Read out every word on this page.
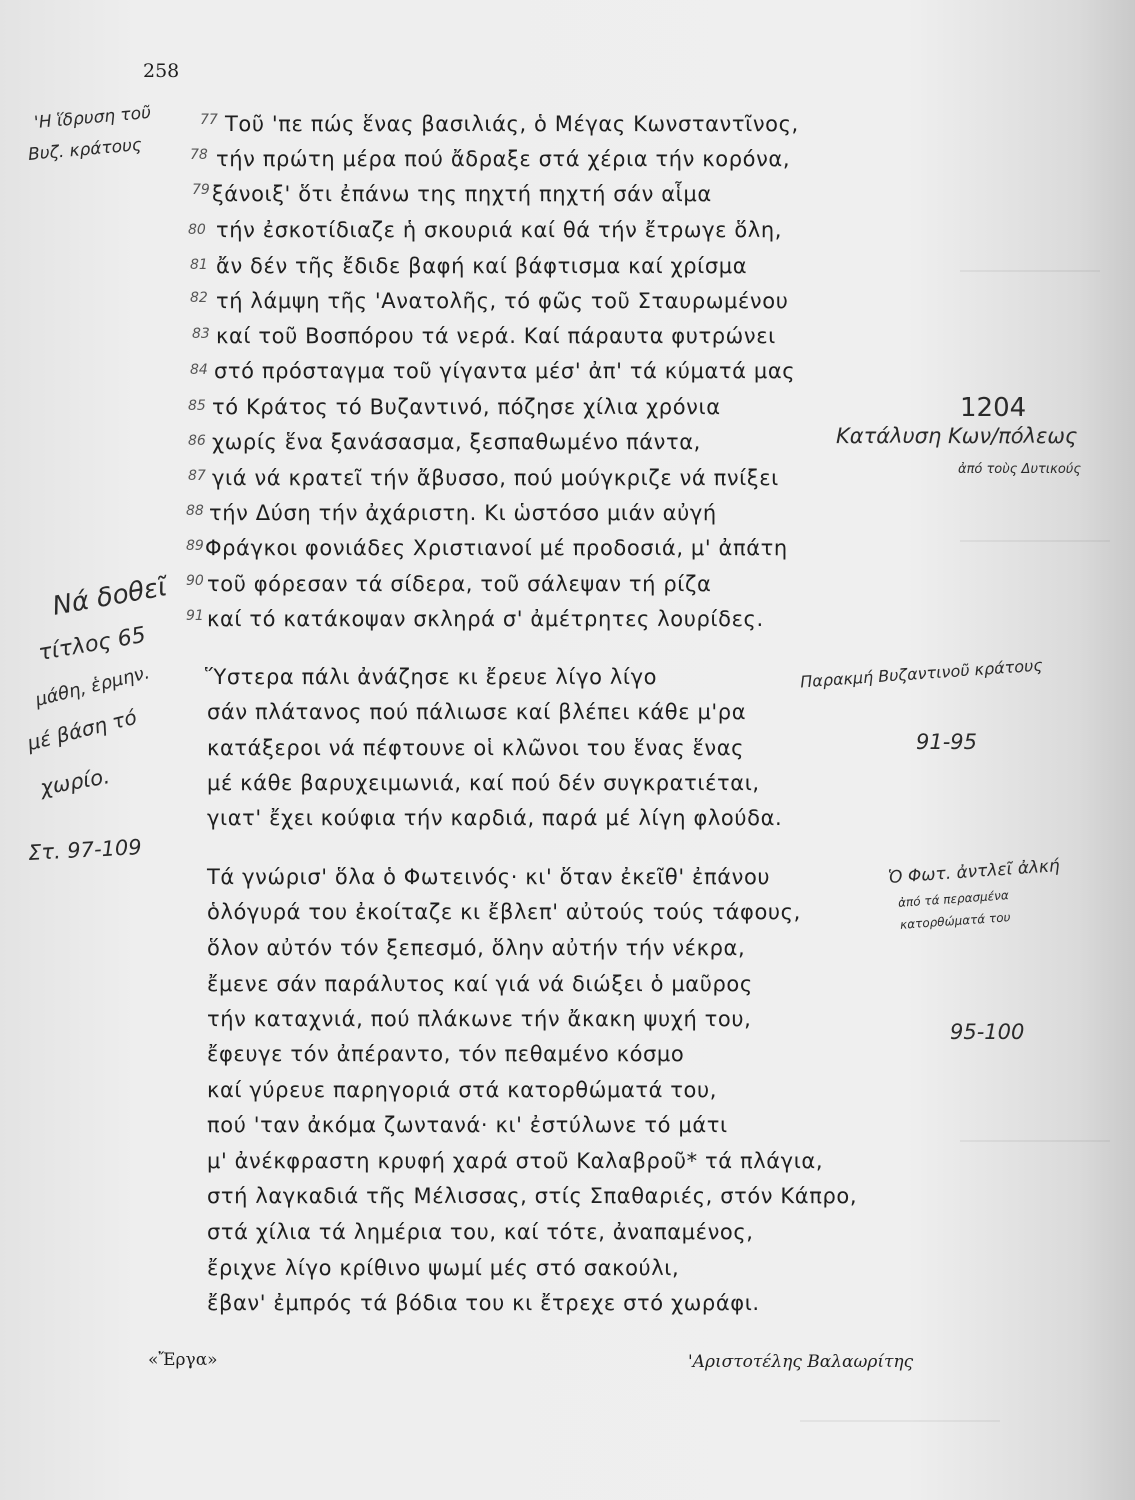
258
Τοῦ 'πε πώς ἕνας βασιλιάς, ὁ Μέγας Κωνσταντῖνος,
τήν πρώτη μέρα πού ἄδραξε στά χέρια τήν κορόνα,
ξάνοιξ' ὅτι ἐπάνω της πηχτή πηχτή σάν αἷμα
τήν ἐσκοτίδιαζε ἡ σκουριά καί θά τήν ἔτρωγε ὅλη,
ἄν δέν τῆς ἔδιδε βαφή καί βάφτισμα καί χρίσμα
τή λάμψη τῆς 'Ανατολῆς, τό φῶς τοῦ Σταυρωμένου
καί τοῦ Βοσπόρου τά νερά. Καί πάραυτα φυτρώνει
στό πρόσταγμα τοῦ γίγαντα μέσ' ἀπ' τά κύματά μας
τό Κράτος τό Βυζαντινό, πόζησε χίλια χρόνια
χωρίς ἕνα ξανάσασμα, ξεσπαθωμένο πάντα,
γιά νά κρατεῖ τήν ἄβυσσο, πού μούγκριζε νά πνίξει
τήν Δύση τήν ἀχάριστη. Κι ὡστόσο μιάν αὐγή
Φράγκοι φονιάδες Χριστιανοί μέ προδοσιά, μ' ἀπάτη
τοῦ φόρεσαν τά σίδερα, τοῦ σάλεψαν τή ρίζα
καί τό κατάκοψαν σκληρά σ' ἀμέτρητες λουρίδες.
Ὕστερα πάλι ἀνάζησε κι ἔρευε λίγο λίγο
σάν πλάτανος πού πάλιωσε καί βλέπει κάθε μ'ρα
κατάξεροι νά πέφτουνε οἱ κλῶνοι του ἕνας ἕνας
μέ κάθε βαρυχειμωνιά, καί πού δέν συγκρατιέται,
γιατ' ἔχει κούφια τήν καρδιά, παρά μέ λίγη φλούδα.
Τά γνώρισ' ὅλα ὁ Φωτεινός· κι' ὅταν ἐκεῖθ' ἐπάνου
ὁλόγυρά του ἐκοίταζε κι ἔβλεπ' αὐτούς τούς τάφους,
ὅλον αὐτόν τόν ξεπεσμό, ὅλην αὐτήν τήν νέκρα,
ἔμενε σάν παράλυτος καί γιά νά διώξει ὁ μαῦρος
τήν καταχνιά, πού πλάκωνε τήν ἄκακη ψυχή του,
ἔφευγε τόν ἀπέραντο, τόν πεθαμένο κόσμο
καί γύρευε παρηγοριά στά κατορθώματά του,
πού 'ταν ἀκόμα ζωντανά· κι' ἐστύλωνε τό μάτι
μ' ἀνέκφραστη κρυφή χαρά στοῦ Καλαβροῦ* τά πλάγια,
στή λαγκαδιά τῆς Μέλισσας, στίς Σπαθαριές, στόν Κάπρο,
στά χίλια τά λημέρια του, καί τότε, ἀναπαμένος,
ἔριχνε λίγο κρίθινο ψωμί μές στό σακούλι,
ἔβαν' ἐμπρός τά βόδια του κι ἔτρεχε στό χωράφι.
77
78
79
80
81
82
83
84
85
86
87
88
89
90
91
'Η ἵδρυση τοῦ
Βυζ. κράτους
1204
Κατάλυση Κων/πόλεως
ἀπό τοὺς Δυτικούς
Νά δοθεῖ
τίτλος 65
μάθη, ἑρμην.
μέ βάση τό
χωρίο.
Στ. 97-109
Παρακμή Βυζαντινοῦ κράτους
91-95
Ὁ Φωτ. ἀντλεῖ ἀλκή
ἀπό τά περασμένα
κατορθώματά του
95-100
«Ἔργα»	'Αριστοτέλης Βαλαωρίτης
